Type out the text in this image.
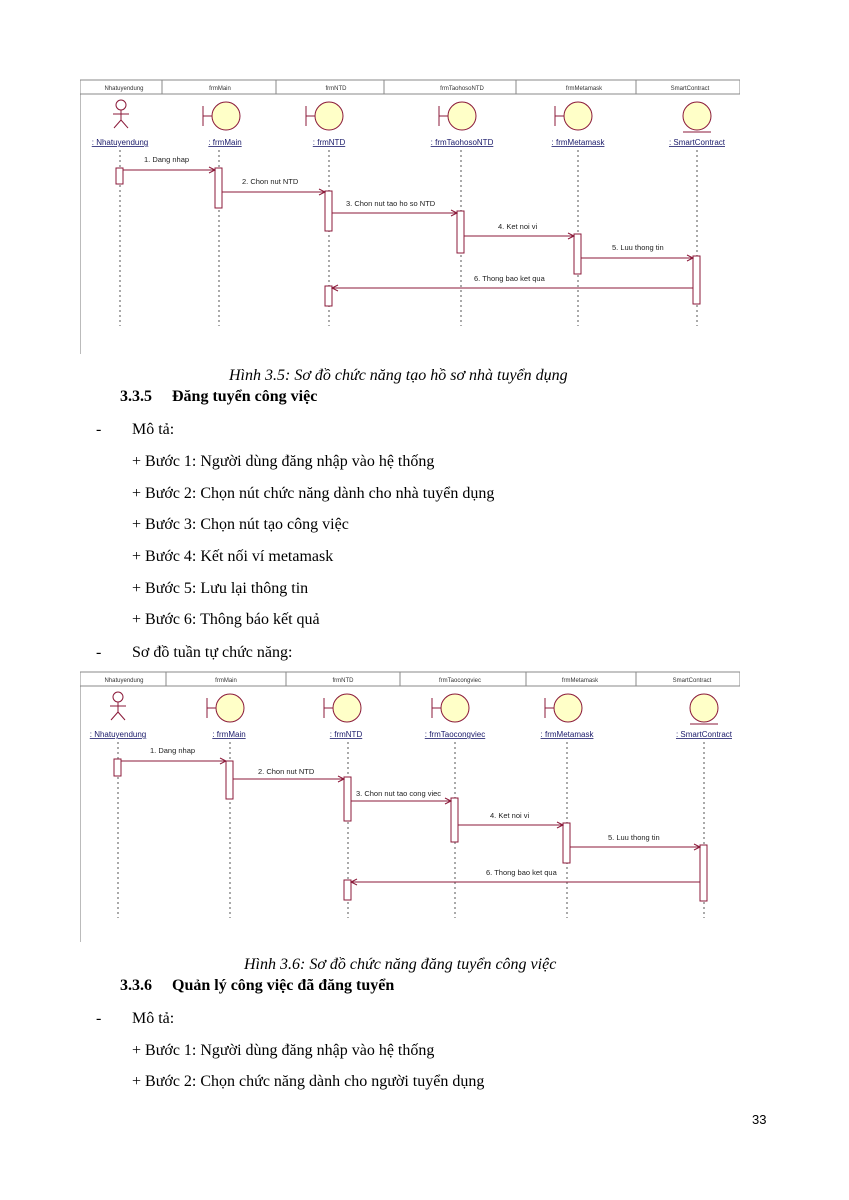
Nhatuyendung	frmMain	frmNTD	frmTaohosoNTD	frmMetamask	SmartContract
: Nhatuyendung	: frmMain	: frmNTD	: frmTaohosoNTD	: frmMetamask	: SmartContract
1. Dang nhap
2. Chon nut NTD
3. Chon nut tao ho so NTD
4. Ket noi vi
5. Luu thong tin
6. Thong bao ket qua
Hình 3.5: Sơ đồ chức năng tạo hồ sơ nhà tuyển dụng
3.3.5 Đăng tuyển công việc
- Mô tả:
+ Bước 1: Người dùng đăng nhập vào hệ thống
+ Bước 2: Chọn nút chức năng dành cho nhà tuyển dụng
+ Bước 3: Chọn nút tạo công việc
+ Bước 4: Kết nối ví metamask
+ Bước 5: Lưu lại thông tin
+ Bước 6: Thông báo kết quả
- Sơ đồ tuần tự chức năng:
Nhatuyendung	frmMain	frmNTD	frmTaocongviec	frmMetamask	SmartContract
: Nhatuyendung	: frmMain	: frmNTD	: frmTaocongviec	: frmMetamask	: SmartContract
1. Dang nhap
2. Chon nut NTD
3. Chon nut tao cong viec
4. Ket noi vi
5. Luu thong tin
6. Thong bao ket qua
Hình 3.6: Sơ đồ chức năng đăng tuyển công việc
3.3.6 Quản lý công việc đã đăng tuyển
- Mô tả:
+ Bước 1: Người dùng đăng nhập vào hệ thống
+ Bước 2: Chọn chức năng dành cho người tuyển dụng
33
